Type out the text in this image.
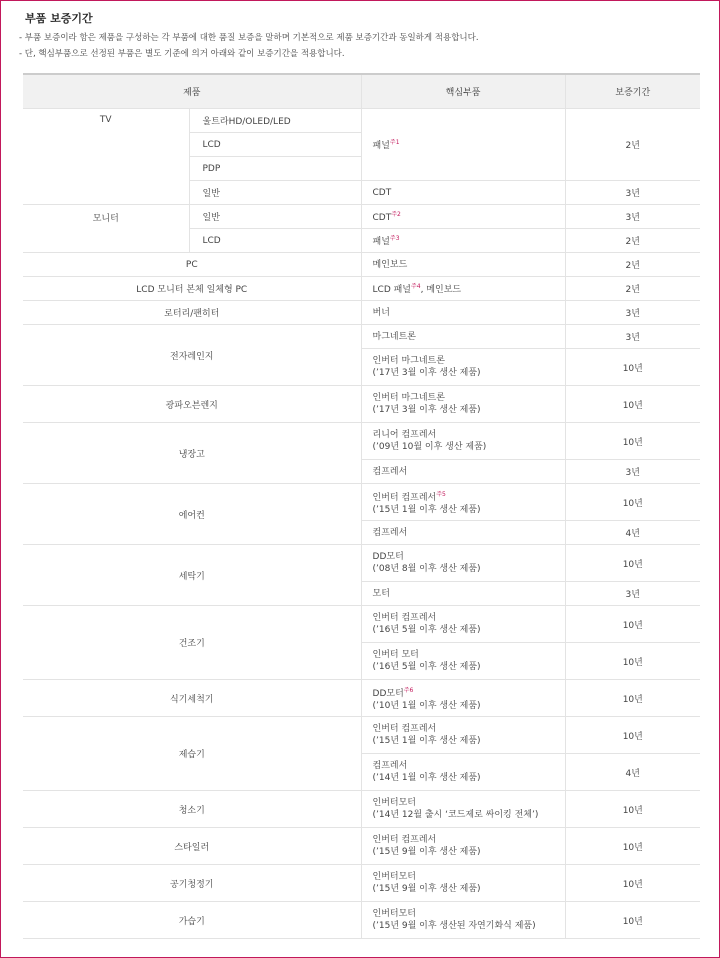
부품 보증기간
- 부품 보증이라 함은 제품을 구성하는 각 부품에 대한 품질 보증을 말하며 기본적으로 제품 보증기간과 동일하게 적용합니다.
- 단, 핵심부품으로 선정된 부품은 별도 기준에 의거 아래와 같이 보증기간을 적용합니다.
제품		핵심부품	보증기간
TV	울트라HD/OLED/LED	패널$^{주1}$	2년
	LCD		
	PDP		
	일반	CDT	3년
모니터	일반	$CDT^{주2}$	3년
	LCD	패널$^{주3}$	2년
PC		메인보드	2년
LCD 모니터 본체 일체형 PC		LCD 패널$^{주4}$, 메인보드	2년
로터리/팬히터		버너	3년
전자레인지		마그네트론	3년

		인버터 마그네트론
(’17년 3월 이후 생산 제품)	10년
광파오븐렌지		인버터 마그네트론
(’17년 3월 이후 생산 제품)	10년
냉장고		리니어 컴프레서
(’09년 10월 이후 생산 제품)	10년
		컴프레서	3년
에어컨		인버터 컴프레서$^{주5}$
(’15년 1월 이후 생산 제품)	10년
		컴프레서	4년
세탁기		DD모터
(’08년 8월 이후 생산 제품)	10년
		모터	3년
건조기		인버터 컴프레서
(’16년 5월 이후 생산 제품)	10년

		인버터 모터
(’16년 5월 이후 생산 제품)	10년
식기세척기		DD모터$^{주6}$
(’10년 1월 이후 생산 제품)	10년
제습기		인버터 컴프레서
(’15년 1월 이후 생산 제품)	10년

		컴프레서
(’14년 1월 이후 생산 제품)	4년
청소기		인버터모터
(’14년 12월 출시 ‘코드제로 싸이킹 전체’)	10년
스타일러		인버터 컴프레서
(’15년 9월 이후 생산 제품)	10년
공기청정기		인버터모터
(’15년 9월 이후 생산 제품)	10년
가습기		인버터모터
(’15년 9월 이후 생산된 자연기화식 제품)	10년
